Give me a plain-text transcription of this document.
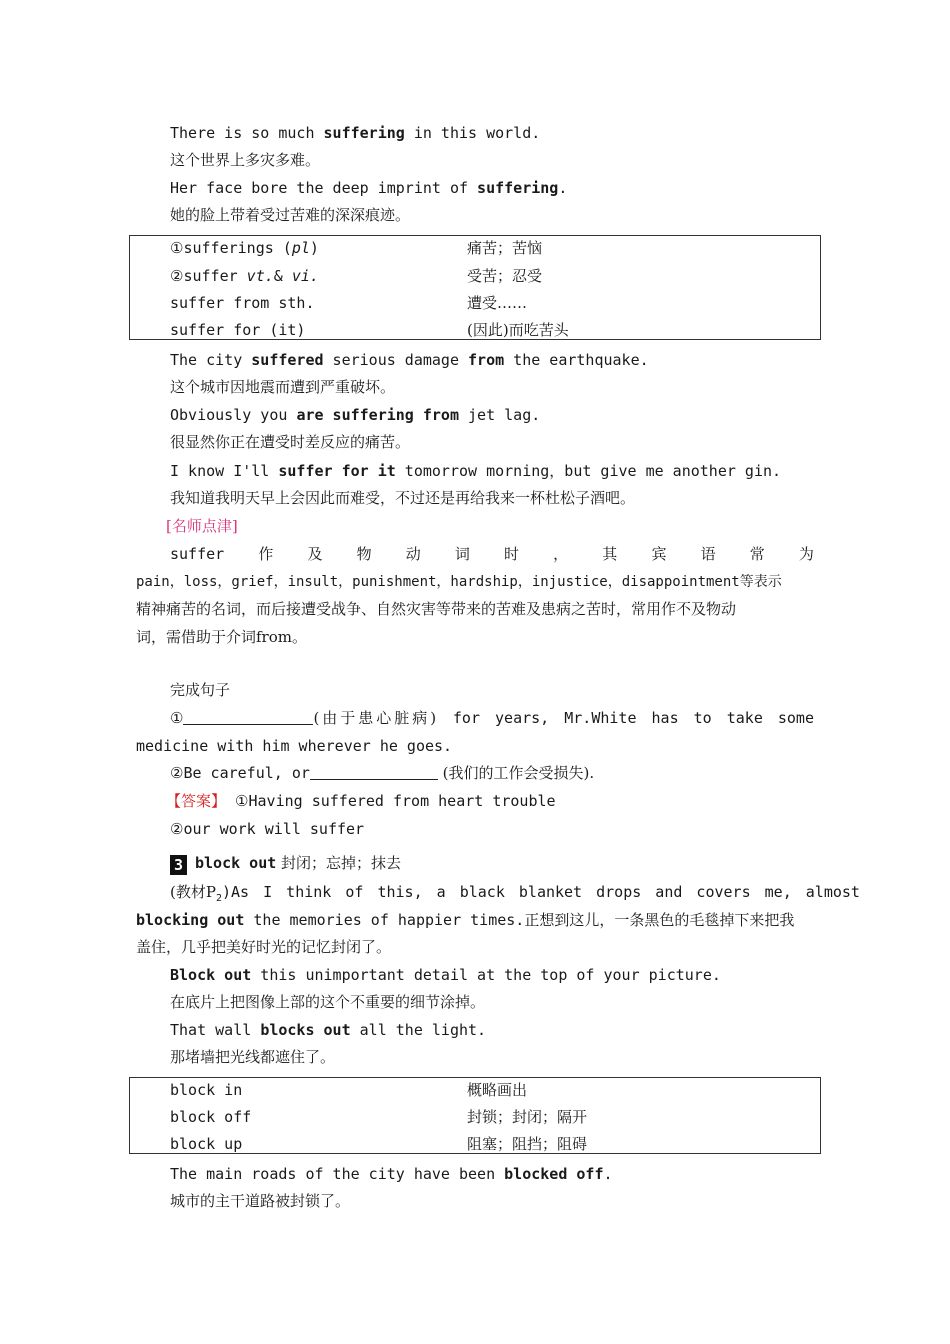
There is so much suffering in this world.
这个世界上多灾多难。
Her face bore the deep imprint of suffering.
她的脸上带着受过苦难的深深痕迹。
①sufferings (pl)	痛苦；苦恼
②suffer vt.& vi.	受苦；忍受
suffer from sth.	遭受……
suffer for (it)	(因此)而吃苦头
The city suffered serious damage from the earthquake.
这个城市因地震而遭到严重破坏。
Obviously you are suffering from jet lag.
很显然你正在遭受时差反应的痛苦。
I know I'll suffer for it tomorrow morning，but give me another gin.
我知道我明天早上会因此而难受，不过还是再给我来一杯杜松子酒吧。
[名师点津]
suffer 作 及 物 动 词 时 ， 其 宾 语 常 为
pain，loss，grief，insult，punishment，hardship，injustice，disappointment等表示
精神痛苦的名词，而后接遭受战争、自然灾害等带来的苦难及患病之苦时，常用作不及物动
词，需借助于介词from。
完成句子
①	(由于患心脏病) for years, Mr.White has to take some
medicine with him wherever he goes.
②Be careful, or	(我们的工作会受损失).
【答案】 ①Having suffered from heart trouble
②our work will suffer
3 block out 封闭；忘掉；抹去
(教材$P_2$ )As I think of this, a black blanket drops and covers me, almost
blocking out the memories of happier times.正想到这儿，一条黑色的毛毯掉下来把我
盖住，几乎把美好时光的记忆封闭了。
Block out this unimportant detail at the top of your picture.
在底片上把图像上部的这个不重要的细节涂掉。
That wall blocks out all the light.
那堵墙把光线都遮住了。
block in	概略画出
block off	封锁；封闭；隔开
block up	阻塞；阻挡；阻碍
The main roads of the city have been blocked off.
城市的主干道路被封锁了。
